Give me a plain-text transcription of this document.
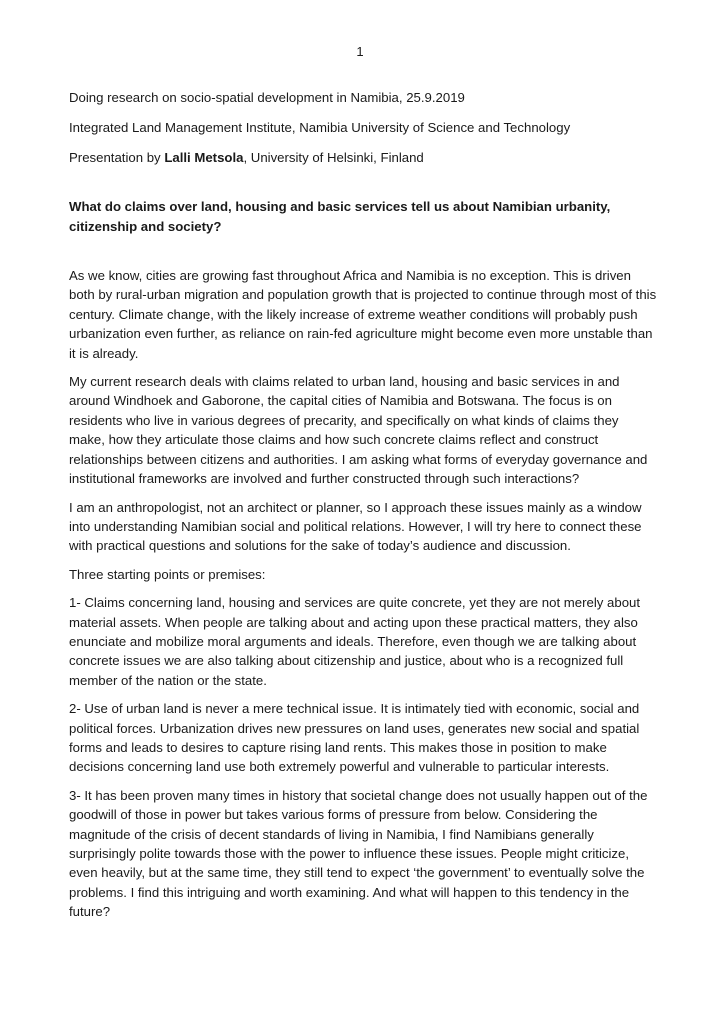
1

Doing research on socio-spatial development in Namibia, 25.9.2019

Integrated Land Management Institute, Namibia University of Science and Technology

Presentation by Lalli Metsola, University of Helsinki, Finland

What do claims over land, housing and basic services tell us about Namibian urbanity, citizenship and society?

As we know, cities are growing fast throughout Africa and Namibia is no exception. This is driven both by rural-urban migration and population growth that is projected to continue through most of this century. Climate change, with the likely increase of extreme weather conditions will probably push urbanization even further, as reliance on rain-fed agriculture might become even more unstable than it is already.

My current research deals with claims related to urban land, housing and basic services in and around Windhoek and Gaborone, the capital cities of Namibia and Botswana. The focus is on residents who live in various degrees of precarity, and specifically on what kinds of claims they make, how they articulate those claims and how such concrete claims reflect and construct relationships between citizens and authorities. I am asking what forms of everyday governance and institutional frameworks are involved and further constructed through such interactions?

I am an anthropologist, not an architect or planner, so I approach these issues mainly as a window into understanding Namibian social and political relations. However, I will try here to connect these with practical questions and solutions for the sake of today’s audience and discussion.

Three starting points or premises:

1- Claims concerning land, housing and services are quite concrete, yet they are not merely about material assets. When people are talking about and acting upon these practical matters, they also enunciate and mobilize moral arguments and ideals. Therefore, even though we are talking about concrete issues we are also talking about citizenship and justice, about who is a recognized full member of the nation or the state.

2- Use of urban land is never a mere technical issue. It is intimately tied with economic, social and political forces. Urbanization drives new pressures on land uses, generates new social and spatial forms and leads to desires to capture rising land rents. This makes those in position to make decisions concerning land use both extremely powerful and vulnerable to particular interests.

3- It has been proven many times in history that societal change does not usually happen out of the goodwill of those in power but takes various forms of pressure from below. Considering the magnitude of the crisis of decent standards of living in Namibia, I find Namibians generally surprisingly polite towards those with the power to influence these issues. People might criticize, even heavily, but at the same time, they still tend to expect ‘the government’ to eventually solve the problems. I find this intriguing and worth examining. And what will happen to this tendency in the future?
